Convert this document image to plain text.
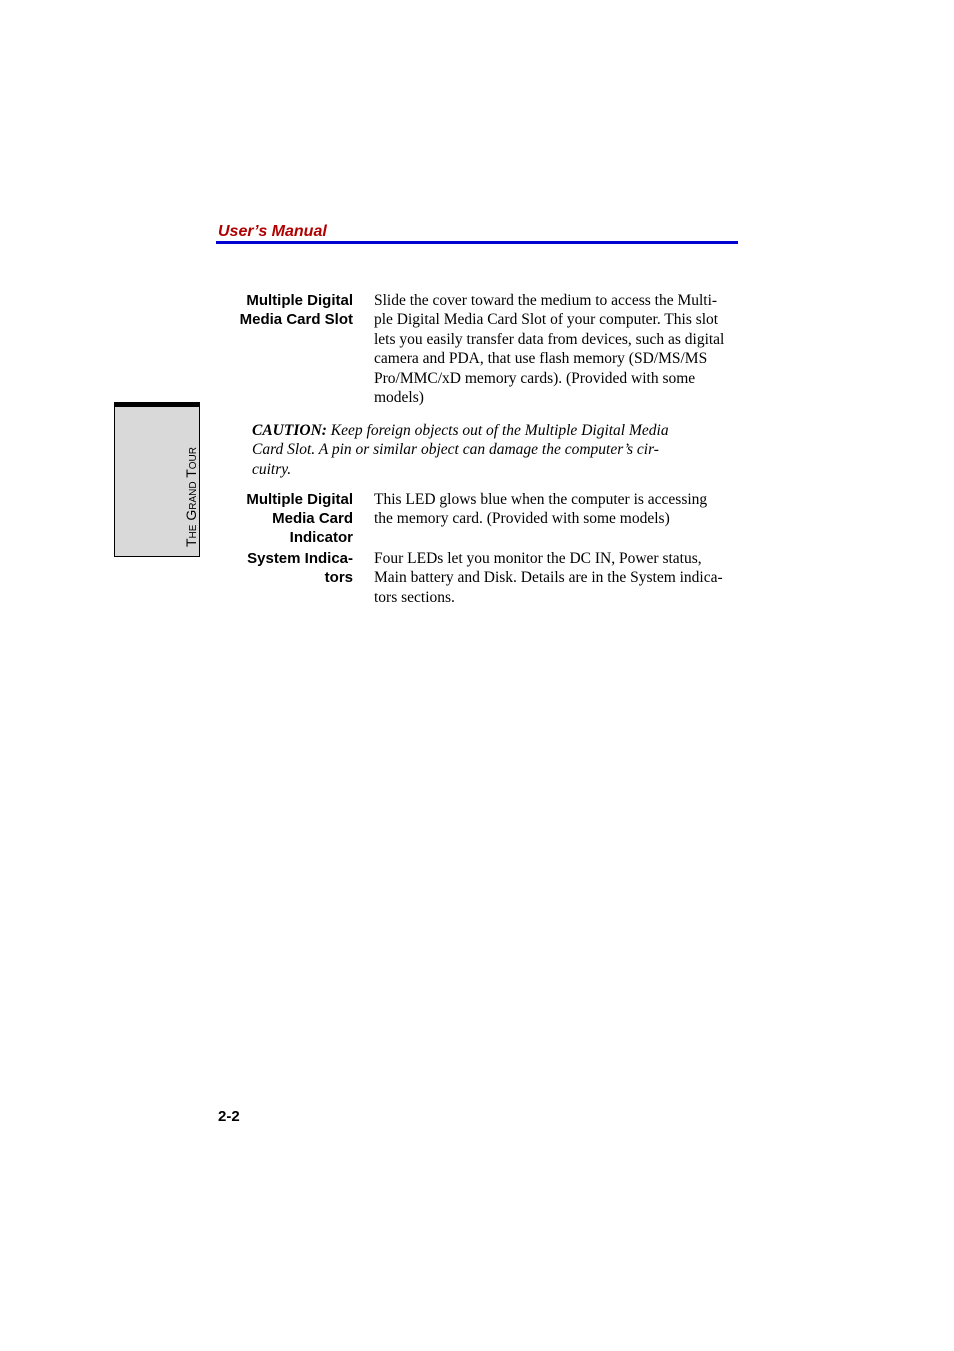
User’s Manual
The Grand Tour
Multiple Digital
Media Card Slot
Slide the cover toward the medium to access the Multi-
ple Digital Media Card Slot of your computer. This slot
lets you easily transfer data from devices, such as digital
camera and PDA, that use flash memory (SD/MS/MS
Pro/MMC/xD memory cards). (Provided with some
models)
CAUTION: Keep foreign objects out of the Multiple Digital Media
Card Slot. A pin or similar object can damage the computer’s cir-
cuitry.
Multiple Digital
Media Card
Indicator
This LED glows blue when the computer is accessing
the memory card. (Provided with some models)
System Indica-
tors
Four LEDs let you monitor the DC IN, Power status,
Main battery and Disk. Details are in the System indica-
tors sections.
2-2
